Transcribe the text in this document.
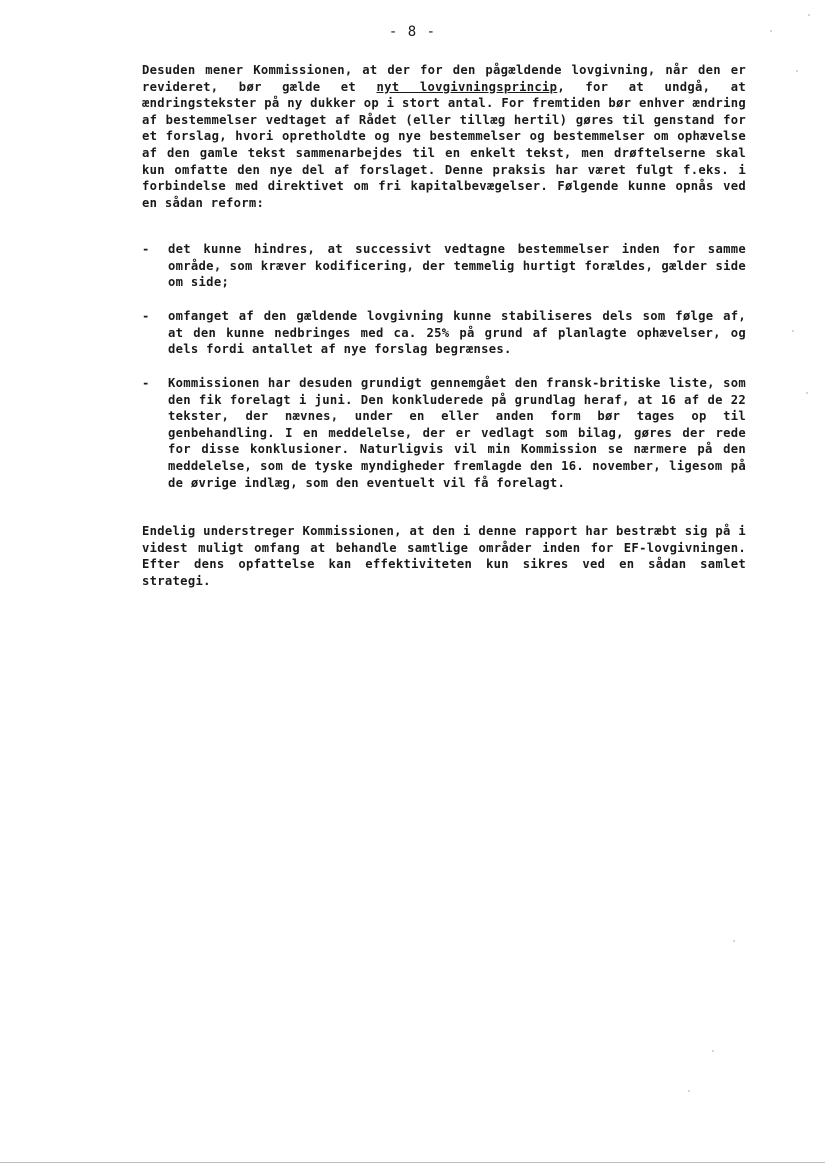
- 8 -
Desuden mener Kommissionen, at der for den pågældende lovgivning, når den er revideret, bør gælde et nyt lovgivningsprincip, for at undgå, at ændringstekster på ny dukker op i stort antal. For fremtiden bør enhver ændring af bestemmelser vedtaget af Rådet (eller tillæg hertil) gøres til genstand for et forslag, hvori opretholdte og nye bestemmelser og bestemmelser om ophævelse af den gamle tekst sammenarbejdes til en enkelt tekst, men drøftelserne skal kun omfatte den nye del af forslaget. Denne praksis har været fulgt f.eks. i forbindelse med direktivet om fri kapitalbevægelser. Følgende kunne opnås ved en sådan reform:
-	det kunne hindres, at successivt vedtagne bestemmelser inden for samme område, som kræver kodificering, der temmelig hurtigt forældes, gælder side om side;
-	omfanget af den gældende lovgivning kunne stabiliseres dels som følge af, at den kunne nedbringes med ca. 25% på grund af planlagte ophævelser, og dels fordi antallet af nye forslag begrænses.
-	Kommissionen har desuden grundigt gennemgået den fransk-britiske liste, som den fik forelagt i juni. Den konkluderede på grundlag heraf, at 16 af de 22 tekster, der nævnes, under en eller anden form bør tages op til genbehandling. I en meddelelse, der er vedlagt som bilag, gøres der rede for disse konklusioner. Naturligvis vil min Kommission se nærmere på den meddelelse, som de tyske myndigheder fremlagde den 16. november, ligesom på de øvrige indlæg, som den eventuelt vil få forelagt.
Endelig understreger Kommissionen, at den i denne rapport har bestræbt sig på i videst muligt omfang at behandle samtlige områder inden for EF-lovgivningen. Efter dens opfattelse kan effektiviteten kun sikres ved en sådan samlet strategi.
